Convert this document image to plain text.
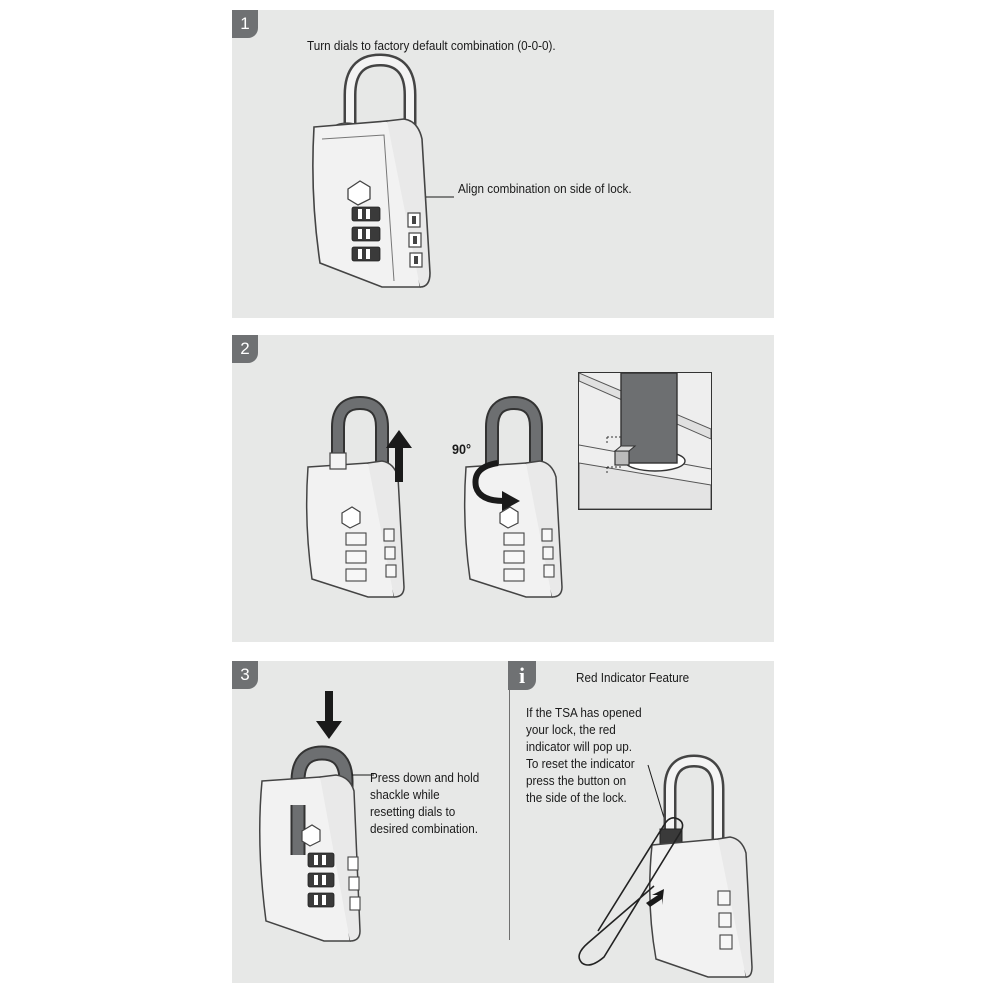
1
Turn dials to factory default combination (0-0-0).
Align combination on side of lock.
2
90°
3
Press down and hold
shackle while
resetting dials to
desired combination.
i	Red Indicator Feature
If the TSA has opened
your lock, the red
indicator will pop up.
To reset the indicator
press the button on
the side of the lock.
